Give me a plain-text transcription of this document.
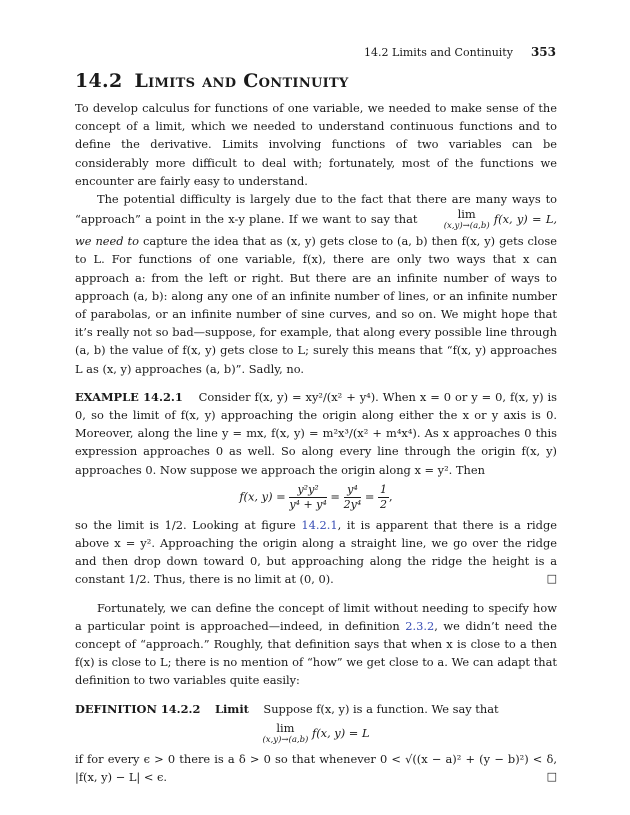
14.2 Limits and Continuity 353
14.2 Limits and Continuity

To develop calculus for functions of one variable, we needed to make sense of the concept of a limit, which we needed to understand continuous functions and to define the derivative. Limits involving functions of two variables can be considerably more difficult to deal with; fortunately, most of the functions we encounter are fairly easy to understand.

The potential difficulty is largely due to the fact that there are many ways to “approach” a point in the x-y plane. If we want to say that	lim
(x,y)→(a,b) f(x, y) = L, we need to capture the idea that as (x, y) gets close to (a, b) then f(x, y) gets close to L. For functions of one variable, f(x), there are only two ways that x can approach a: from the left or right. But there are an infinite number of ways to approach (a, b): along any one of an infinite number of lines, or an infinite number of parabolas, or an infinite number of sine curves, and so on. We might hope that it’s really not so bad—suppose, for example, that along every possible line through (a, b) the value of f(x, y) gets close to L; surely this means that “f(x, y) approaches L as (x, y) approaches (a, b)”. Sadly, no.

EXAMPLE 14.2.1 Consider f(x, y) = xy²/(x² + y⁴). When x = 0 or y = 0, f(x, y) is 0, so the limit of f(x, y) approaching the origin along either the x or y axis is 0. Moreover, along the line y = mx, f(x, y) = m²x³/(x² + m⁴x⁴). As x approaches 0 this expression approaches 0 as well. So along every line through the origin f(x, y) approaches 0. Now suppose we approach the origin along x = y². Then

f(x, $y) = \frac{\text{y²y²}}{\text{y⁴ + y⁴}} = \frac{\text{y⁴}}{\text{2y⁴}} = \frac{1}{2}$ ,

so the limit is 1/2. Looking at figure 14.2.1, it is apparent that there is a ridge above x = y². Approaching the origin along a straight line, we go over the ridge and then drop down toward 0, but approaching along the ridge the height is a constant 1/2. Thus, there is no limit at (0, 0).	□

Fortunately, we can define the concept of limit without needing to specify how a particular point is approached—indeed, in definition 2.3.2, we didn’t need the concept of “approach.” Roughly, that definition says that when x is close to a then f(x) is close to L; there is no mention of “how” we get close to a. We can adapt that definition to two variables quite easily:

DEFINITION 14.2.2 Limit Suppose f(x, y) is a function. We say that

lim
(x,y)→(a,b) f(x, y) = L

if for every ϵ > 0 there is a δ > 0 so that whenever 0 < √((x − a)² + (y − b)²) < δ, |f(x, y) − L| < ϵ.	□
